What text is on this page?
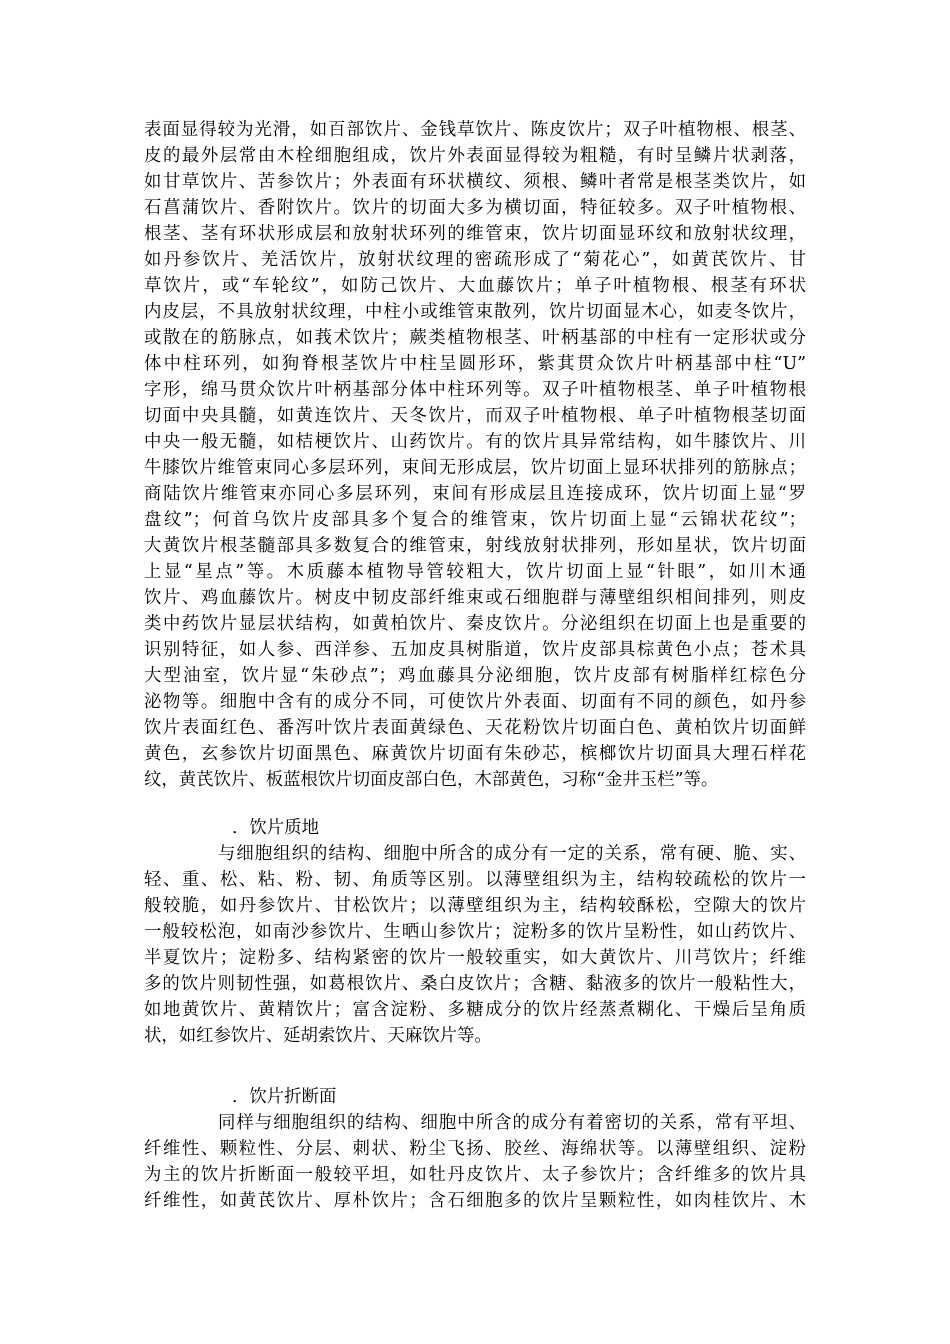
表面显得较为光滑，如百部饮片、金钱草饮片、陈皮饮片；双子叶植物根、根茎、
皮的最外层常由木栓细胞组成，饮片外表面显得较为粗糙，有时呈鳞片状剥落，
如甘草饮片、苦参饮片；外表面有环状横纹、须根、鳞叶者常是根茎类饮片，如
石菖蒲饮片、香附饮片。饮片的切面大多为横切面，特征较多。双子叶植物根、
根茎、茎有环状形成层和放射状环列的维管束，饮片切面显环纹和放射状纹理，
如丹参饮片、羌活饮片，放射状纹理的密疏形成了“菊花心”，如黄芪饮片、甘
草饮片，或“车轮纹”，如防己饮片、大血藤饮片；单子叶植物根、根茎有环状
内皮层，不具放射状纹理，中柱小或维管束散列，饮片切面显木心，如麦冬饮片，
或散在的筋脉点，如莪术饮片；蕨类植物根茎、叶柄基部的中柱有一定形状或分
体中柱环列，如狗脊根茎饮片中柱呈圆形环，紫萁贯众饮片叶柄基部中柱“U”
字形，绵马贯众饮片叶柄基部分体中柱环列等。双子叶植物根茎、单子叶植物根
切面中央具髓，如黄连饮片、天冬饮片，而双子叶植物根、单子叶植物根茎切面
中央一般无髓，如桔梗饮片、山药饮片。有的饮片具异常结构，如牛膝饮片、川
牛膝饮片维管束同心多层环列，束间无形成层，饮片切面上显环状排列的筋脉点；
商陆饮片维管束亦同心多层环列，束间有形成层且连接成环，饮片切面上显“罗
盘纹”；何首乌饮片皮部具多个复合的维管束，饮片切面上显“云锦状花纹”；
大黄饮片根茎髓部具多数复合的维管束，射线放射状排列，形如星状，饮片切面
上显“星点”等。木质藤本植物导管较粗大，饮片切面上显“针眼”，如川木通
饮片、鸡血藤饮片。树皮中韧皮部纤维束或石细胞群与薄壁组织相间排列，则皮
类中药饮片显层状结构，如黄柏饮片、秦皮饮片。分泌组织在切面上也是重要的
识别特征，如人参、西洋参、五加皮具树脂道，饮片皮部具棕黄色小点；苍术具
大型油室，饮片显“朱砂点”；鸡血藤具分泌细胞，饮片皮部有树脂样红棕色分
泌物等。细胞中含有的成分不同，可使饮片外表面、切面有不同的颜色，如丹参
饮片表面红色、番泻叶饮片表面黄绿色、天花粉饮片切面白色、黄柏饮片切面鲜
黄色，玄参饮片切面黑色、麻黄饮片切面有朱砂芯，槟榔饮片切面具大理石样花
纹，黄芪饮片、板蓝根饮片切面皮部白色，木部黄色，习称“金井玉栏”等。
．饮片质地
与细胞组织的结构、细胞中所含的成分有一定的关系，常有硬、脆、实、
轻、重、松、粘、粉、韧、角质等区别。以薄壁组织为主，结构较疏松的饮片一
般较脆，如丹参饮片、甘松饮片；以薄壁组织为主，结构较酥松，空隙大的饮片
一般较松泡，如南沙参饮片、生晒山参饮片；淀粉多的饮片呈粉性，如山药饮片、
半夏饮片；淀粉多、结构紧密的饮片一般较重实，如大黄饮片、川芎饮片；纤维
多的饮片则韧性强，如葛根饮片、桑白皮饮片；含糖、黏液多的饮片一般粘性大，
如地黄饮片、黄精饮片；富含淀粉、多糖成分的饮片经蒸煮糊化、干燥后呈角质
状，如红参饮片、延胡索饮片、天麻饮片等。
．饮片折断面
同样与细胞组织的结构、细胞中所含的成分有着密切的关系，常有平坦、
纤维性、颗粒性、分层、刺状、粉尘飞扬、胶丝、海绵状等。以薄壁组织、淀粉
为主的饮片折断面一般较平坦，如牡丹皮饮片、太子参饮片；含纤维多的饮片具
纤维性，如黄芪饮片、厚朴饮片；含石细胞多的饮片呈颗粒性，如肉桂饮片、木
